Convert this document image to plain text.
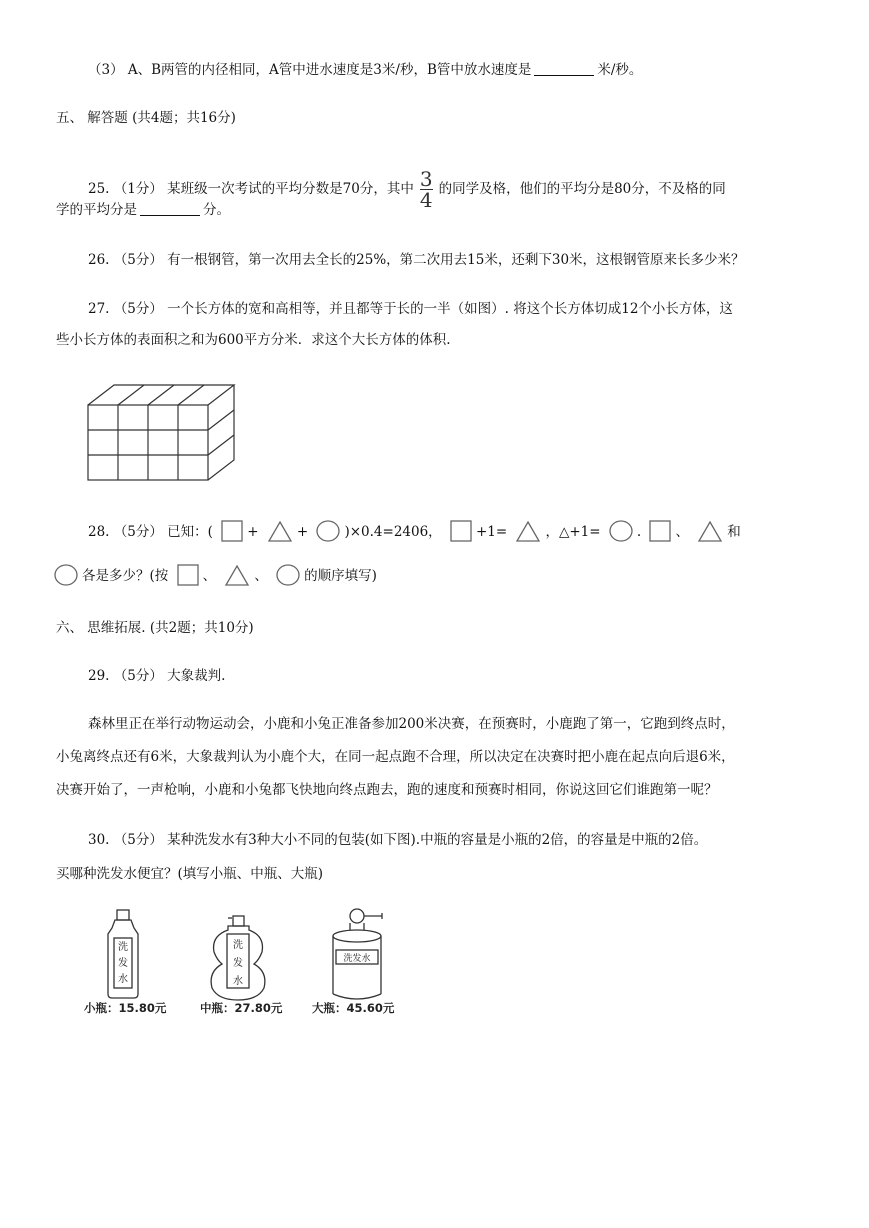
（3） A、B两管的内径相同，A管中进水速度是3米/秒，B管中放水速度是	米/秒。
五、 解答题 (共4题；共16分)
25. （1分） 某班级一次考试的平均分数是70分，其中 $\frac{3}{4}$ 的同学及格，他们的平均分是80分，不及格的同
学的平均分是	分。
26. （5分） 有一根钢管，第一次用去全长的25%，第二次用去15米，还剩下30米，这根钢管原来长多少米？
27. （5分） 一个长方体的宽和高相等，并且都等于长的一半（如图）. 将这个长方体切成12个小长方体，这
些小长方体的表面积之和为600平方分米．求这个大长方体的体积.
28. （5分） 已知：(	+	+	)×0.4=2406，	+1=	，△+1=	.	、	和
各是多少？(按	、	、	的顺序填写)
六、 思维拓展. (共2题；共10分)
29. （5分） 大象裁判.
森林里正在举行动物运动会，小鹿和小兔正准备参加200米决赛，在预赛时，小鹿跑了第一，它跑到终点时，
小兔离终点还有6米，大象裁判认为小鹿个大，在同一起点跑不合理，所以决定在决赛时把小鹿在起点向后退6米，
决赛开始了，一声枪响，小鹿和小兔都飞快地向终点跑去，跑的速度和预赛时相同，你说这回它们谁跑第一呢？
30. （5分） 某种洗发水有3种大小不同的包装(如下图).中瓶的容量是小瓶的2倍，的容量是中瓶的2倍。
买哪种洗发水便宜？(填写小瓶、中瓶、大瓶)
洗
发
水
洗
发
水
洗发水
小瓶：15.80元	中瓶：27.80元	大瓶：45.60元
